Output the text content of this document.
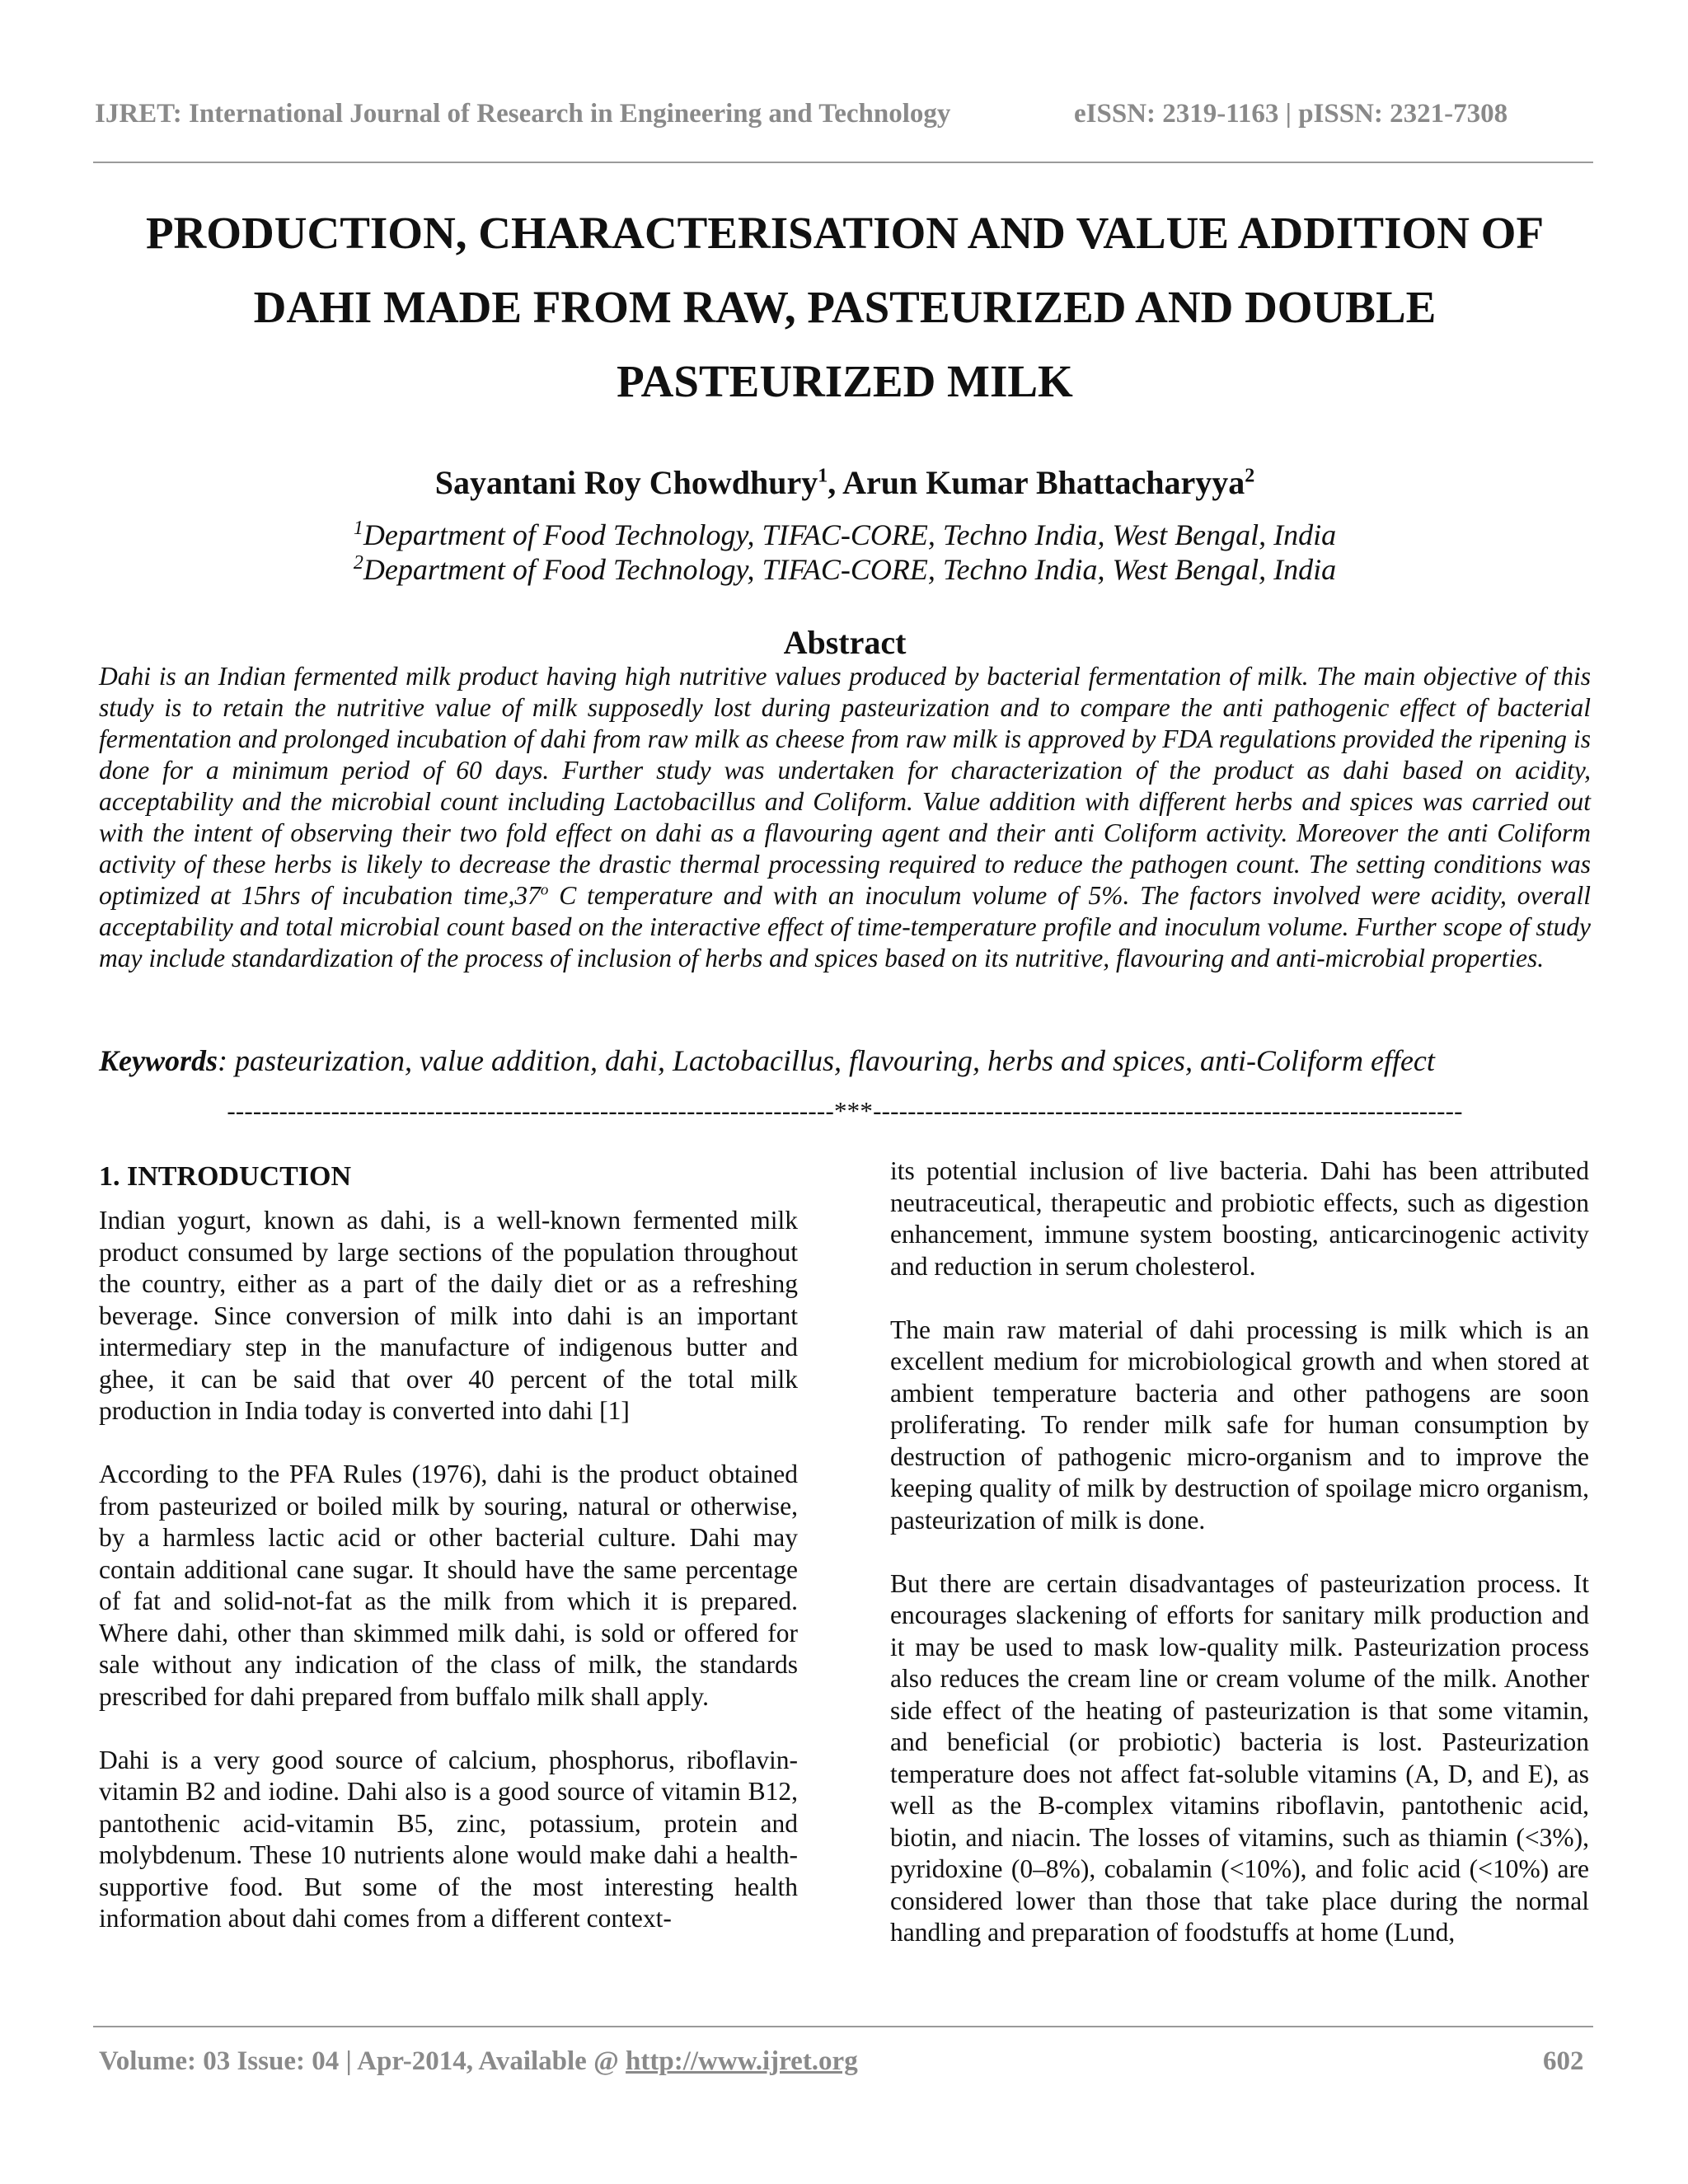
IJRET: International Journal of Research in Engineering and Technology	eISSN: 2319-1163 | pISSN: 2321-7308
PRODUCTION, CHARACTERISATION AND VALUE ADDITION OF
DAHI MADE FROM RAW, PASTEURIZED AND DOUBLE
PASTEURIZED MILK
Sayantani Roy Chowdhury$^1$, Arun Kumar Bhattacharyya$^2$
$^1$Department of Food Technology, TIFAC-CORE, Techno India, West Bengal, India
$^2$Department of Food Technology, TIFAC-CORE, Techno India, West Bengal, India
Abstract
Dahi is an Indian fermented milk product having high nutritive values produced by bacterial fermentation of milk. The main objective of this study is to retain the nutritive value of milk supposedly lost during pasteurization and to compare the anti pathogenic effect of bacterial fermentation and prolonged incubation of dahi from raw milk as cheese from raw milk is approved by FDA regulations provided the ripening is done for a minimum period of 60 days. Further study was undertaken for characterization of the product as dahi based on acidity, acceptability and the microbial count including Lactobacillus and Coliform. Value addition with different herbs and spices was carried out with the intent of observing their two fold effect on dahi as a flavouring agent and their anti Coliform activity. Moreover the anti Coliform activity of these herbs is likely to decrease the drastic thermal processing required to reduce the pathogen count. The setting conditions was optimized at 15hrs of incubation time,37$^o$ C temperature and with an inoculum volume of 5%. The factors involved were acidity, overall acceptability and total microbial count based on the interactive effect of time-temperature profile and inoculum volume. Further scope of study may include standardization of the process of inclusion of herbs and spices based on its nutritive, flavouring and anti-microbial properties.
Keywords: pasteurization, value addition, dahi, Lactobacillus, flavouring, herbs and spices, anti-Coliform effect
----------------------------------------------------------------------***--------------------------------------------------------------------
1. INTRODUCTION

Indian yogurt, known as dahi, is a well-known fermented milk product consumed by large sections of the population throughout the country, either as a part of the daily diet or as a refreshing beverage. Since conversion of milk into dahi is an important intermediary step in the manufacture of indigenous butter and ghee, it can be said that over 40 percent of the total milk production in India today is converted into dahi [1]

According to the PFA Rules (1976), dahi is the product obtained from pasteurized or boiled milk by souring, natural or otherwise, by a harmless lactic acid or other bacterial culture. Dahi may contain additional cane sugar. It should have the same percentage of fat and solid-not-fat as the milk from which it is prepared. Where dahi, other than skimmed milk dahi, is sold or offered for sale without any indication of the class of milk, the standards prescribed for dahi prepared from buffalo milk shall apply.

Dahi is a very good source of calcium, phosphorus, riboflavin-vitamin B2 and iodine. Dahi also is a good source of vitamin B12, pantothenic acid-vitamin B5, zinc, potassium, protein and molybdenum. These 10 nutrients alone would make dahi a health-supportive food. But some of the most interesting health information about dahi comes from a different context-

its potential inclusion of live bacteria. Dahi has been attributed neutraceutical, therapeutic and probiotic effects, such as digestion enhancement, immune system boosting, anticarcinogenic activity and reduction in serum cholesterol.

The main raw material of dahi processing is milk which is an excellent medium for microbiological growth and when stored at ambient temperature bacteria and other pathogens are soon proliferating. To render milk safe for human consumption by destruction of pathogenic micro-organism and to improve the keeping quality of milk by destruction of spoilage micro organism, pasteurization of milk is done.

But there are certain disadvantages of pasteurization process. It encourages slackening of efforts for sanitary milk production and it may be used to mask low-quality milk. Pasteurization process also reduces the cream line or cream volume of the milk. Another side effect of the heating of pasteurization is that some vitamin, and beneficial (or probiotic) bacteria is lost. Pasteurization temperature does not affect fat-soluble vitamins (A, D, and E), as well as the B-complex vitamins riboflavin, pantothenic acid, biotin, and niacin. The losses of vitamins, such as thiamin (<3%), pyridoxine (0–8%), cobalamin (<10%), and folic acid (<10%) are considered lower than those that take place during the normal handling and preparation of foodstuffs at home (Lund,

Volume: 03 Issue: 04 | Apr-2014, Available @ http://www.ijret.org	602
